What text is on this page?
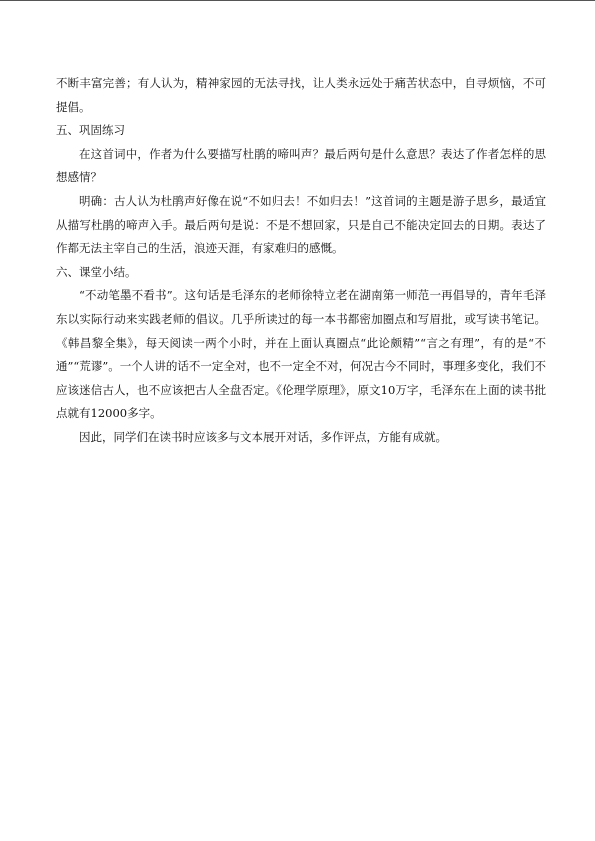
不断丰富完善；有人认为，精神家园的无法寻找，让人类永远处于痛苦状态中，自寻烦恼，不可提倡。

五、巩固练习

在这首词中，作者为什么要描写杜鹃的啼叫声？最后两句是什么意思？表达了作者怎样的思想感情？

明确：古人认为杜鹃声好像在说“不如归去！不如归去！”这首词的主题是游子思乡，最适宜从描写杜鹃的啼声入手。最后两句是说：不是不想回家，只是自己不能决定回去的日期。表达了作都无法主宰自己的生活，浪迹天涯，有家难归的感慨。

六、课堂小结。

“不动笔墨不看书”。这句话是毛泽东的老师徐特立老在湖南第一师范一再倡导的，青年毛泽东以实际行动来实践老师的倡议。几乎所读过的每一本书都密加圈点和写眉批，或写读书笔记。《韩昌黎全集》，每天阅读一两个小时，并在上面认真圈点“此论颇精”“言之有理”，有的是“不通”“荒谬”。一个人讲的话不一定全对，也不一定全不对，何况古今不同时，事理多变化，我们不应该迷信古人，也不应该把古人全盘否定。《伦理学原理》，原文10万字，毛泽东在上面的读书批点就有12000多字。

因此，同学们在读书时应该多与文本展开对话，多作评点，方能有成就。
